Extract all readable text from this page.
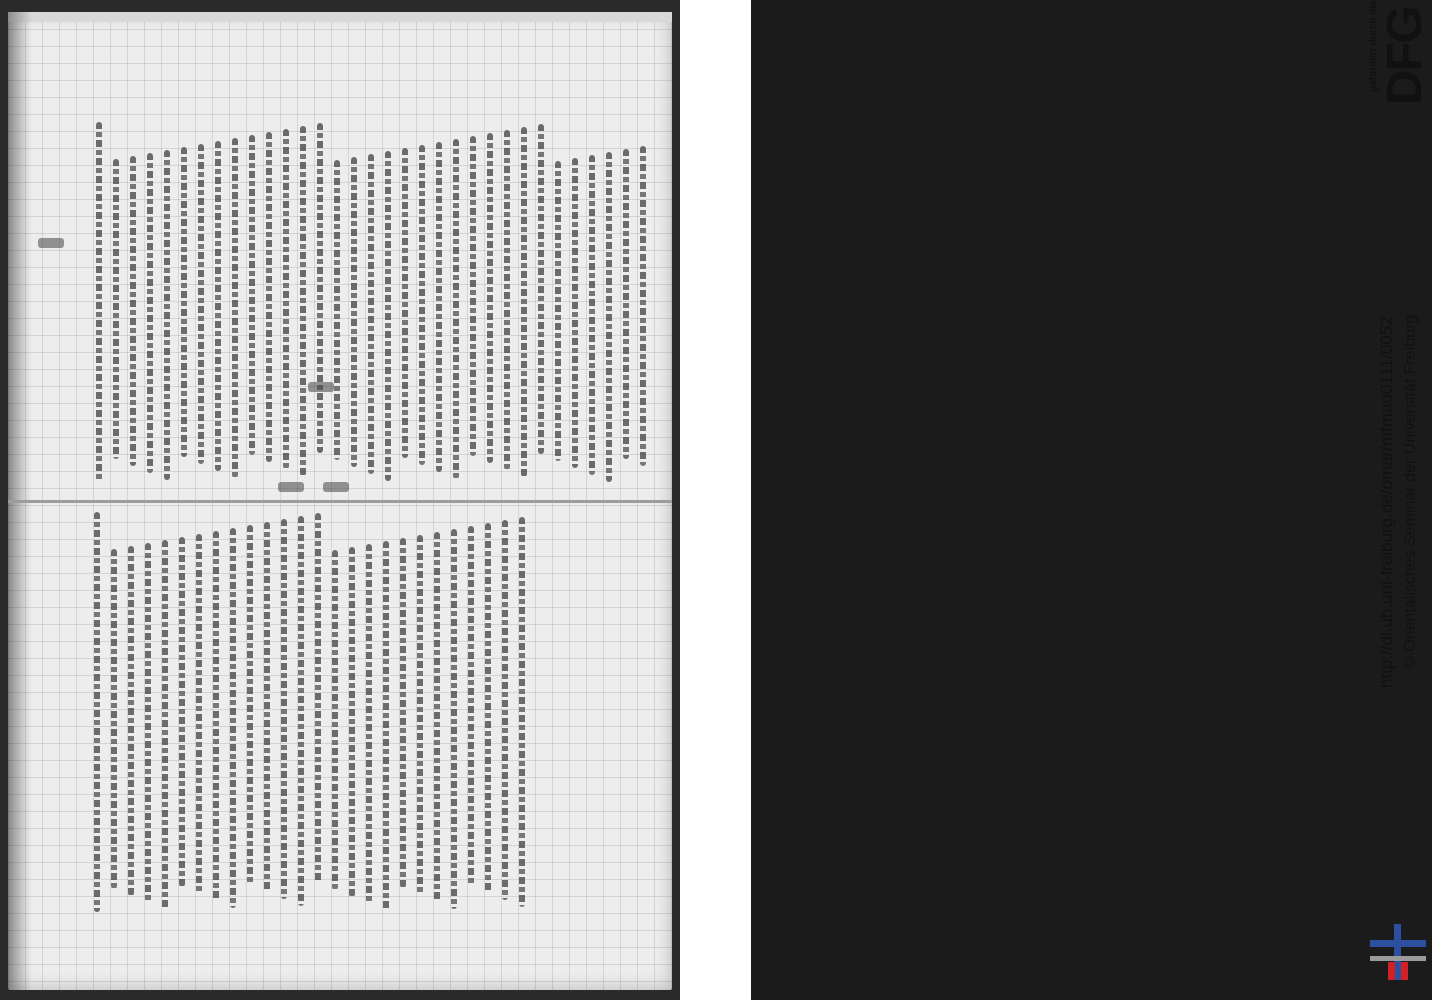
gefördert durch die DFG
http://dl.ub.uni-freiburg.de/omar/mfmau0111/0052 © Orientalisches Seminar der Universität Freiburg
